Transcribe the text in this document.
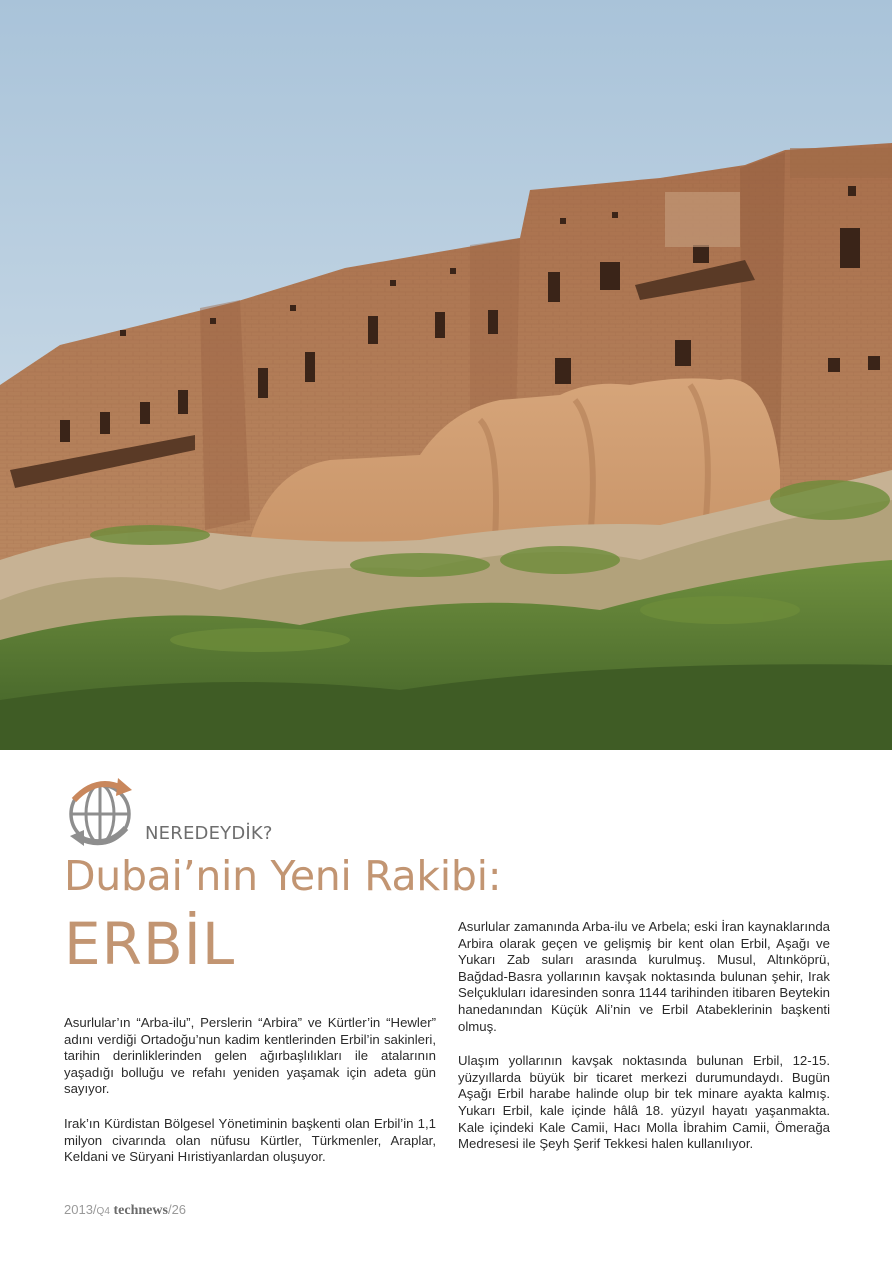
NEREDEYDİK?
Dubai’nin Yeni Rakibi:
ERBİL

Asurlular’ın “Arba-ilu”, Perslerin “Arbira” ve Kürtler’in “Hewler” adını verdiği Ortadoğu’nun kadim kentlerinden Erbil’in sakinleri, tarihin derinliklerinden gelen ağırbaşlılıkları ile atalarının yaşadığı bolluğu ve refahı yeniden yaşamak için adeta gün sayıyor.

Irak’ın Kürdistan Bölgesel Yönetiminin başkenti olan Erbil’in 1,1 milyon civarında olan nüfusu Kürtler, Türkmenler, Araplar, Keldani ve Süryani Hıristiyanlardan oluşuyor.

Asurlular zamanında Arba-ilu ve Arbela; eski İran kaynaklarında Arbira olarak geçen ve gelişmiş bir kent olan Erbil, Aşağı ve Yukarı Zab suları arasında kurulmuş. Musul, Altınköprü, Bağdad-Basra yollarının kavşak noktasında bulunan şehir, Irak Selçukluları idaresinden sonra 1144 tarihinden itibaren Beytekin hanedanından Küçük Ali’nin ve Erbil Atabeklerinin başkenti olmuş.

Ulaşım yollarının kavşak noktasında bulunan Erbil, 12-15. yüzyıllarda büyük bir ticaret merkezi durumundaydı. Bugün Aşağı Erbil harabe halinde olup bir tek minare ayakta kalmış. Yukarı Erbil, kale içinde hâlâ 18. yüzyıl hayatı yaşanmakta. Kale içindeki Kale Camii, Hacı Molla İbrahim Camii, Ömerağa Medresesi ile Şeyh Şerif Tekkesi halen kullanılıyor.

2013/Q4 technews/26
